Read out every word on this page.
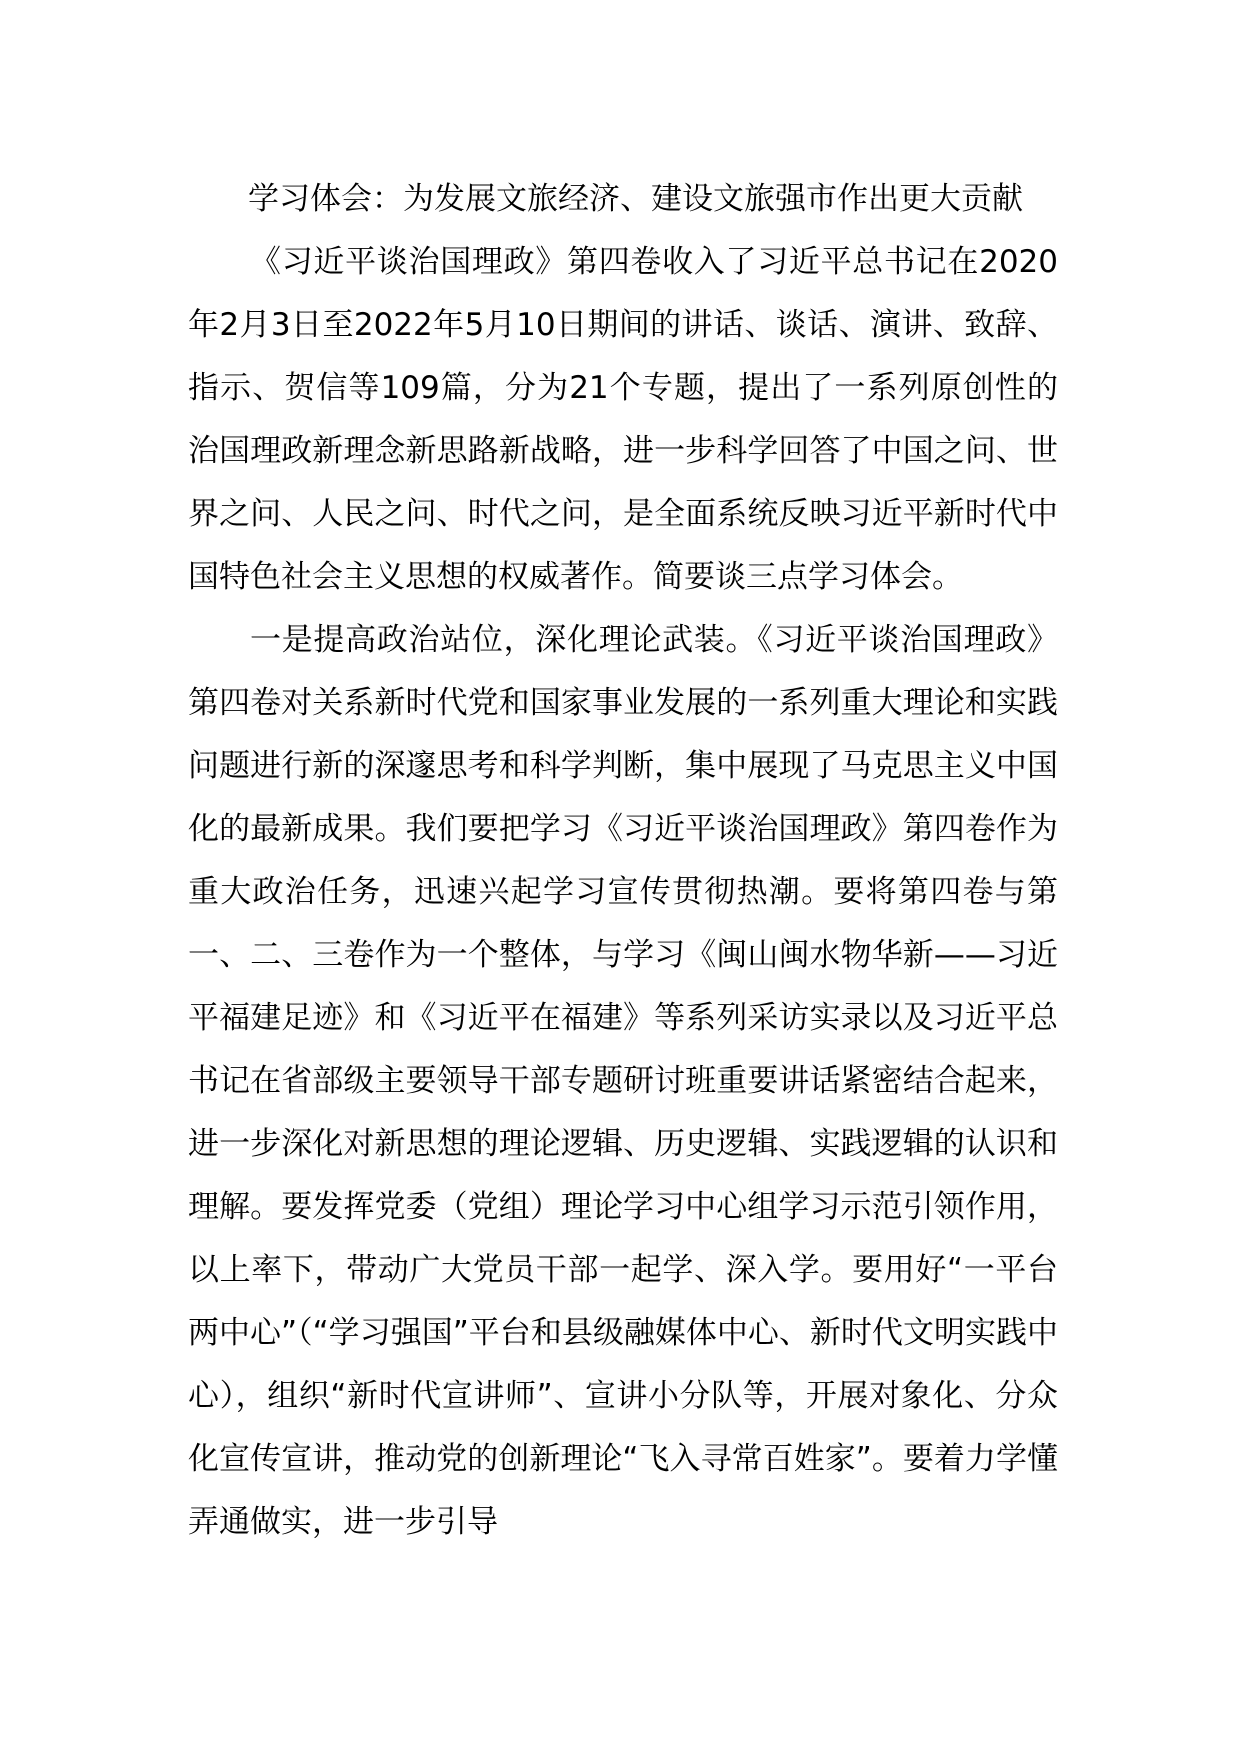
学习体会：为发展文旅经济、建设文旅强市作出更大贡献

《习近平谈治国理政》第四卷收入了习近平总书记在2020年2月3日至2022年5月10日期间的讲话、谈话、演讲、致辞、指示、贺信等109篇，分为21个专题，提出了一系列原创性的治国理政新理念新思路新战略，进一步科学回答了中国之问、世界之问、人民之问、时代之问，是全面系统反映习近平新时代中国特色社会主义思想的权威著作。简要谈三点学习体会。

一是提高政治站位，深化理论武装。《习近平谈治国理政》第四卷对关系新时代党和国家事业发展的一系列重大理论和实践问题进行新的深邃思考和科学判断，集中展现了马克思主义中国化的最新成果。我们要把学习《习近平谈治国理政》第四卷作为重大政治任务，迅速兴起学习宣传贯彻热潮。要将第四卷与第一、二、三卷作为一个整体，与学习《闽山闽水物华新——习近平福建足迹》和《习近平在福建》等系列采访实录以及习近平总书记在省部级主要领导干部专题研讨班重要讲话紧密结合起来，进一步深化对新思想的理论逻辑、历史逻辑、实践逻辑的认识和理解。要发挥党委（党组）理论学习中心组学习示范引领作用，以上率下，带动广大党员干部一起学、深入学。要用好“一平台两中心”（“学习强国”平台和县级融媒体中心、新时代文明实践中心），组织“新时代宣讲师”、宣讲小分队等，开展对象化、分众化宣传宣讲，推动党的创新理论“飞入寻常百姓家”。要着力学懂弄通做实，进一步引导
